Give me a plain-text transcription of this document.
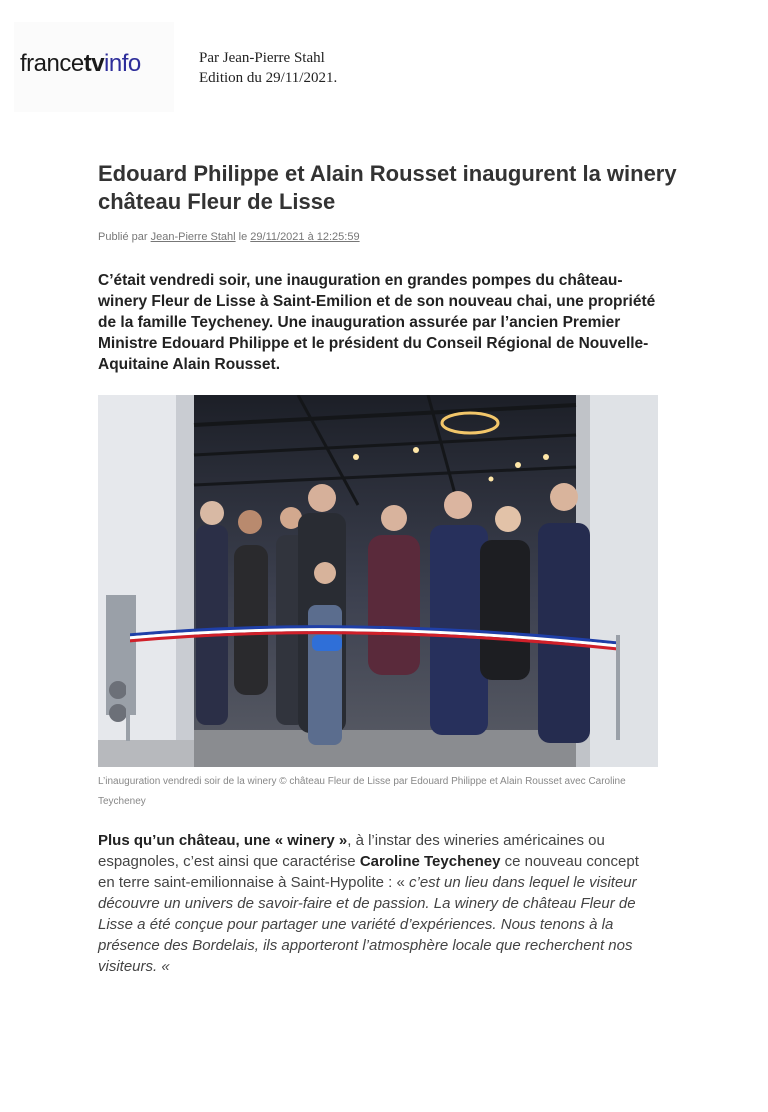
francetvinfo	Par Jean-Pierre Stahl
Edition du 29/11/2021.
Edouard Philippe et Alain Rousset inaugurent la winery château Fleur de Lisse
Publié par Jean-Pierre Stahl le 29/11/2021 à 12:25:59

C’était vendredi soir, une inauguration en grandes pompes du château-winery Fleur de Lisse à Saint-Emilion et de son nouveau chai, une propriété de la famille Teycheney. Une inauguration assurée par l’ancien Premier Ministre Edouard Philippe et le président du Conseil Régional de Nouvelle-Aquitaine Alain Rousset.

L’inauguration vendredi soir de la winery © château Fleur de Lisse par Edouard Philippe et Alain Rousset avec Caroline Teycheney

Plus qu’un château, une « winery », à l’instar des wineries américaines ou espagnoles, c’est ainsi que caractérise Caroline Teycheney ce nouveau concept en terre saint-emilionnaise à Saint-Hypolite : « c’est un lieu dans lequel le visiteur découvre un univers de savoir-faire et de passion. La winery de château Fleur de Lisse a été conçue pour partager une variété d’expériences. Nous tenons à la présence des Bordelais, ils apporteront l’atmosphère locale que recherchent nos visiteurs. «
